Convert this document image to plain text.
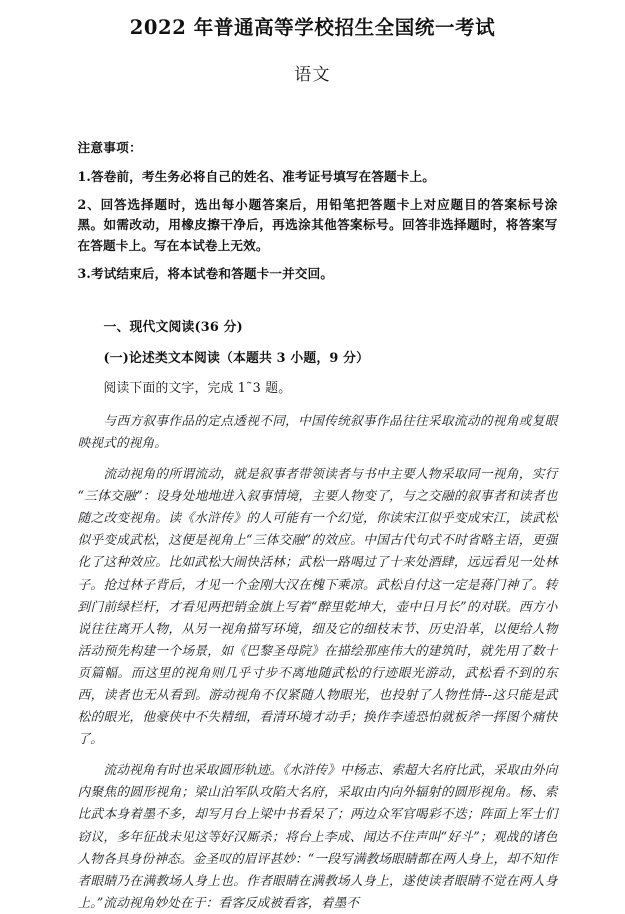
2022 年普通高等学校招生全国统一考试
语文

注意事项：

1.答卷前，考生务必将自己的姓名、准考证号填写在答题卡上。

2、回答选择题时，选出每小题答案后，用铅笔把答题卡上对应题目的答案标号涂黑。如需改动，用橡皮擦干净后，再选涂其他答案标号。回答非选择题时，将答案写在答题卡上。写在本试卷上无效。

3.考试结束后，将本试卷和答题卡一并交回。

一、现代文阅读(36 分)

(一)论述类文本阅读（本题共 3 小题，9 分）

阅读下面的文字，完成 1˜3 题。

与西方叙事作品的定点透视不同，中国传统叙事作品往往采取流动的视角或复眼映视式的视角。

流动视角的所谓流动，就是叙事者带领读者与书中主要人物采取同一视角，实行“三体交融”：设身处地地进入叙事情境，主要人物变了，与之交融的叙事者和读者也随之改变视角。读《水浒传》的人可能有一个幻觉，你读宋江似乎变成宋江，读武松似乎变成武松，这便是视角上“三体交融”的效应。中国古代句式不时省略主语，更强化了这种效应。比如武松大闹快活林；武松一路喝过了十来处酒肆，远远看见一处林子。抢过林子背后，才见一个金刚大汉在槐下乘凉。武松自付这一定是蒋门神了。转到门前绿栏杆，才看见两把销金旗上写着“醉里乾坤大，壶中日月长”的对联。西方小说往往离开人物，从另一视角描写环境，细及它的细枝末节、历史沿革，以便给人物活动预先构建一个场景，如《巴黎圣母院》在描绘那座伟大的建筑时，就先用了数十页篇幅。而这里的视角则几乎寸步不离地随武松的行迹眼光游动，武松看不到的东西，读者也无从看到。游动视角不仅紧随人物眼光，也投射了人物性情--这只能是武松的眼光，他豪侠中不失精细，看清环境才动手；换作李逵恐怕就板斧一挥图个痛快了。

流动视角有时也采取圆形轨迹。《水浒传》中杨志、索超大名府比武，采取由外向内聚焦的圆形视角；梁山泊军队攻陷大名府，采取由内向外辐射的圆形视角。杨、索比武本身着墨不多，却写月台上梁中书看呆了；两边众军官喝彩不迭；阵面上军士们窃议，多年征战未见这等好汉厮杀；将台上李成、闻达不住声叫“好斗”；观战的诸色人物各具身份神态。金圣叹的眉评甚妙：“一段写满教场眼睛都在两人身上，却不知作者眼睛乃在满教场人身上也。作者眼睛在满教场人身上，遂使读者眼睛不觉在两人身上。”流动视角妙处在于：看客反成被看客，着墨不
